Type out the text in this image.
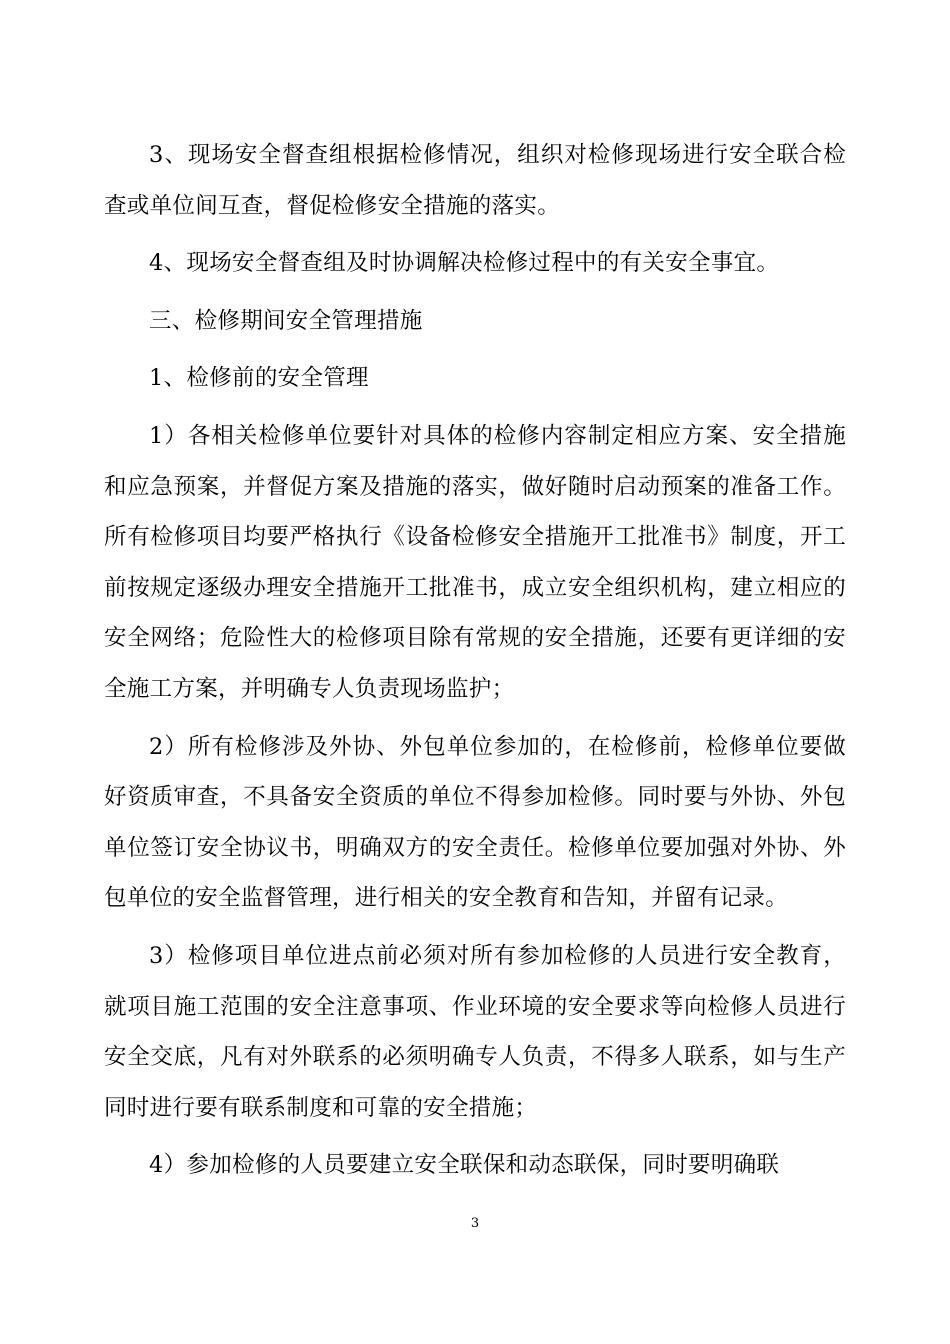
3、现场安全督查组根据检修情况，组织对检修现场进行安全联合检查或单位间互查，督促检修安全措施的落实。

4、现场安全督查组及时协调解决检修过程中的有关安全事宜。

三、检修期间安全管理措施

1、检修前的安全管理

1）各相关检修单位要针对具体的检修内容制定相应方案、安全措施和应急预案，并督促方案及措施的落实，做好随时启动预案的准备工作。所有检修项目均要严格执行《设备检修安全措施开工批准书》制度，开工前按规定逐级办理安全措施开工批准书，成立安全组织机构，建立相应的安全网络；危险性大的检修项目除有常规的安全措施，还要有更详细的安全施工方案，并明确专人负责现场监护；

2）所有检修涉及外协、外包单位参加的，在检修前，检修单位要做好资质审查，不具备安全资质的单位不得参加检修。同时要与外协、外包单位签订安全协议书，明确双方的安全责任。检修单位要加强对外协、外包单位的安全监督管理，进行相关的安全教育和告知，并留有记录。

3）检修项目单位进点前必须对所有参加检修的人员进行安全教育，就项目施工范围的安全注意事项、作业环境的安全要求等向检修人员进行安全交底，凡有对外联系的必须明确专人负责，不得多人联系，如与生产同时进行要有联系制度和可靠的安全措施；

4）参加检修的人员要建立安全联保和动态联保，同时要明确联

3
